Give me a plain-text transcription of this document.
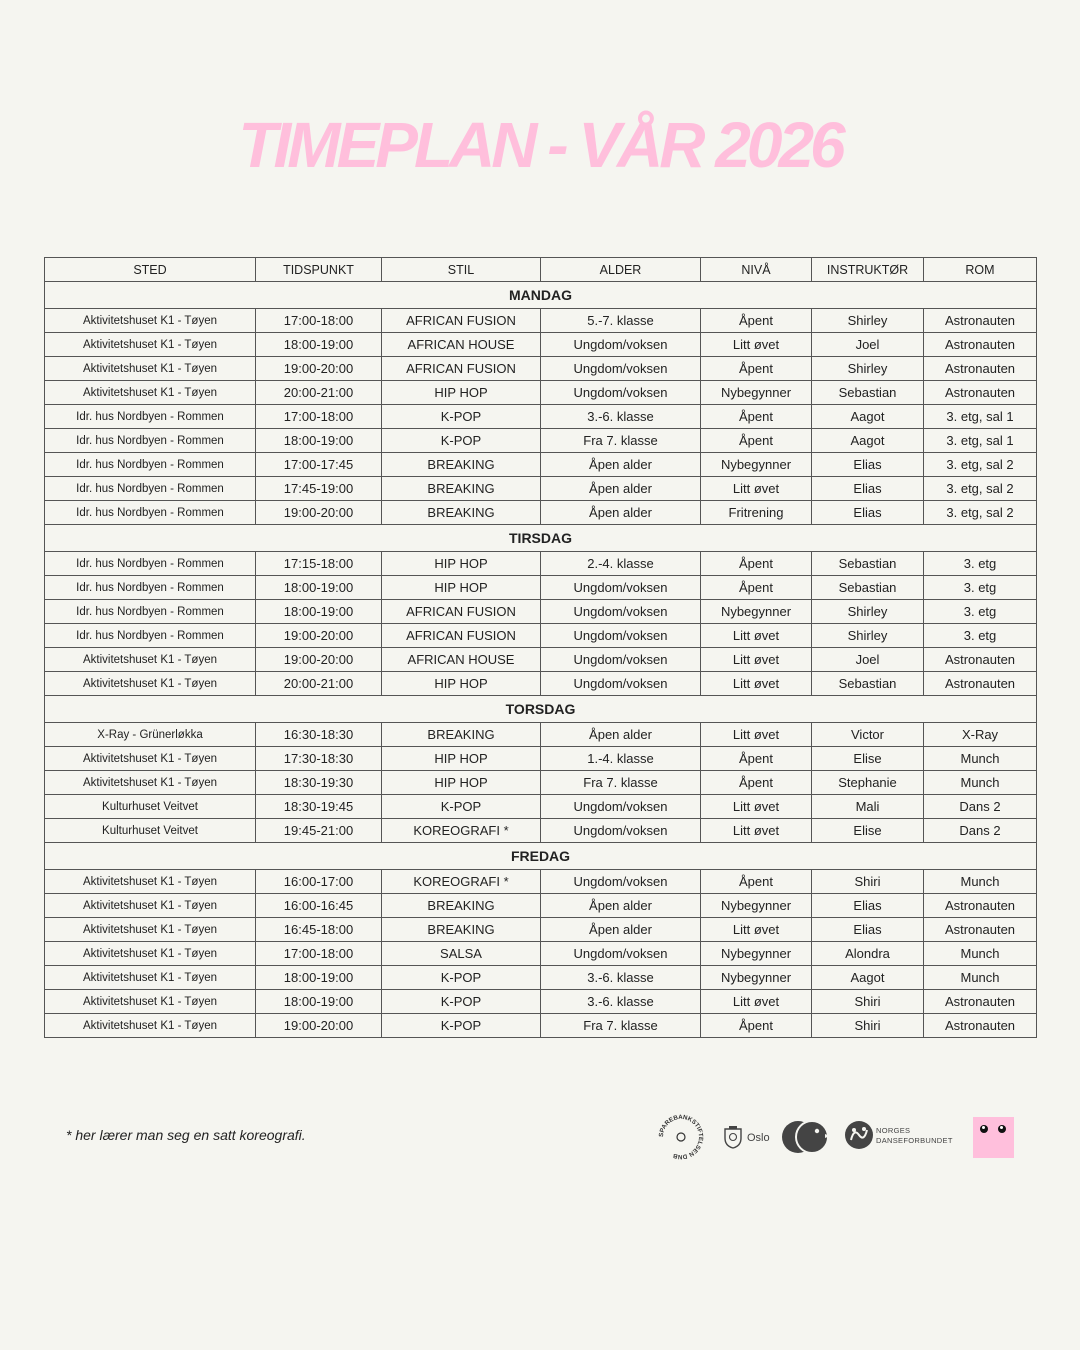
TIMEPLAN - VÅR 2026
STED	TIDSPUNKT	STIL	ALDER	NIVÅ	INSTRUKTØR	ROM
MANDAG						
Aktivitetshuset K1 - Tøyen	17:00-18:00	AFRICAN FUSION	5.-7. klasse	Åpent	Shirley	Astronauten
Aktivitetshuset K1 - Tøyen	18:00-19:00	AFRICAN HOUSE	Ungdom/voksen	Litt øvet	Joel	Astronauten
Aktivitetshuset K1 - Tøyen	19:00-20:00	AFRICAN FUSION	Ungdom/voksen	Åpent	Shirley	Astronauten
Aktivitetshuset K1 - Tøyen	20:00-21:00	HIP HOP	Ungdom/voksen	Nybegynner	Sebastian	Astronauten
Idr. hus Nordbyen - Rommen	17:00-18:00	K-POP	3.-6. klasse	Åpent	Aagot	3. etg, sal 1
Idr. hus Nordbyen - Rommen	18:00-19:00	K-POP	Fra 7. klasse	Åpent	Aagot	3. etg, sal 1
Idr. hus Nordbyen - Rommen	17:00-17:45	BREAKING	Åpen alder	Nybegynner	Elias	3. etg, sal 2
Idr. hus Nordbyen - Rommen	17:45-19:00	BREAKING	Åpen alder	Litt øvet	Elias	3. etg, sal 2
Idr. hus Nordbyen - Rommen	19:00-20:00	BREAKING	Åpen alder	Fritrening	Elias	3. etg, sal 2
TIRSDAG						
Idr. hus Nordbyen - Rommen	17:15-18:00	HIP HOP	2.-4. klasse	Åpent	Sebastian	3. etg
Idr. hus Nordbyen - Rommen	18:00-19:00	HIP HOP	Ungdom/voksen	Åpent	Sebastian	3. etg
Idr. hus Nordbyen - Rommen	18:00-19:00	AFRICAN FUSION	Ungdom/voksen	Nybegynner	Shirley	3. etg
Idr. hus Nordbyen - Rommen	19:00-20:00	AFRICAN FUSION	Ungdom/voksen	Litt øvet	Shirley	3. etg
Aktivitetshuset K1 - Tøyen	19:00-20:00	AFRICAN HOUSE	Ungdom/voksen	Litt øvet	Joel	Astronauten
Aktivitetshuset K1 - Tøyen	20:00-21:00	HIP HOP	Ungdom/voksen	Litt øvet	Sebastian	Astronauten
TORSDAG						
X-Ray - Grünerløkka	16:30-18:30	BREAKING	Åpen alder	Litt øvet	Victor	X-Ray
Aktivitetshuset K1 - Tøyen	17:30-18:30	HIP HOP	1.-4. klasse	Åpent	Elise	Munch
Aktivitetshuset K1 - Tøyen	18:30-19:30	HIP HOP	Fra 7. klasse	Åpent	Stephanie	Munch
Kulturhuset Veitvet	18:30-19:45	K-POP	Ungdom/voksen	Litt øvet	Mali	Dans 2
Kulturhuset Veitvet	19:45-21:00	KOREOGRAFI *	Ungdom/voksen	Litt øvet	Elise	Dans 2
FREDAG						
Aktivitetshuset K1 - Tøyen	16:00-17:00	KOREOGRAFI *	Ungdom/voksen	Åpent	Shiri	Munch
Aktivitetshuset K1 - Tøyen	16:00-16:45	BREAKING	Åpen alder	Nybegynner	Elias	Astronauten
Aktivitetshuset K1 - Tøyen	16:45-18:00	BREAKING	Åpen alder	Litt øvet	Elias	Astronauten
Aktivitetshuset K1 - Tøyen	17:00-18:00	SALSA	Ungdom/voksen	Nybegynner	Alondra	Munch
Aktivitetshuset K1 - Tøyen	18:00-19:00	K-POP	3.-6. klasse	Nybegynner	Aagot	Munch
Aktivitetshuset K1 - Tøyen	18:00-19:00	K-POP	3.-6. klasse	Litt øvet	Shiri	Astronauten
Aktivitetshuset K1 - Tøyen	19:00-20:00	K-POP	Fra 7. klasse	Åpent	Shiri	Astronauten
* her lærer man seg en satt koreografi.	SPAREBANKSTIFTELSEN DNB
Oslo
NORGES
DANSEFORBUNDET
